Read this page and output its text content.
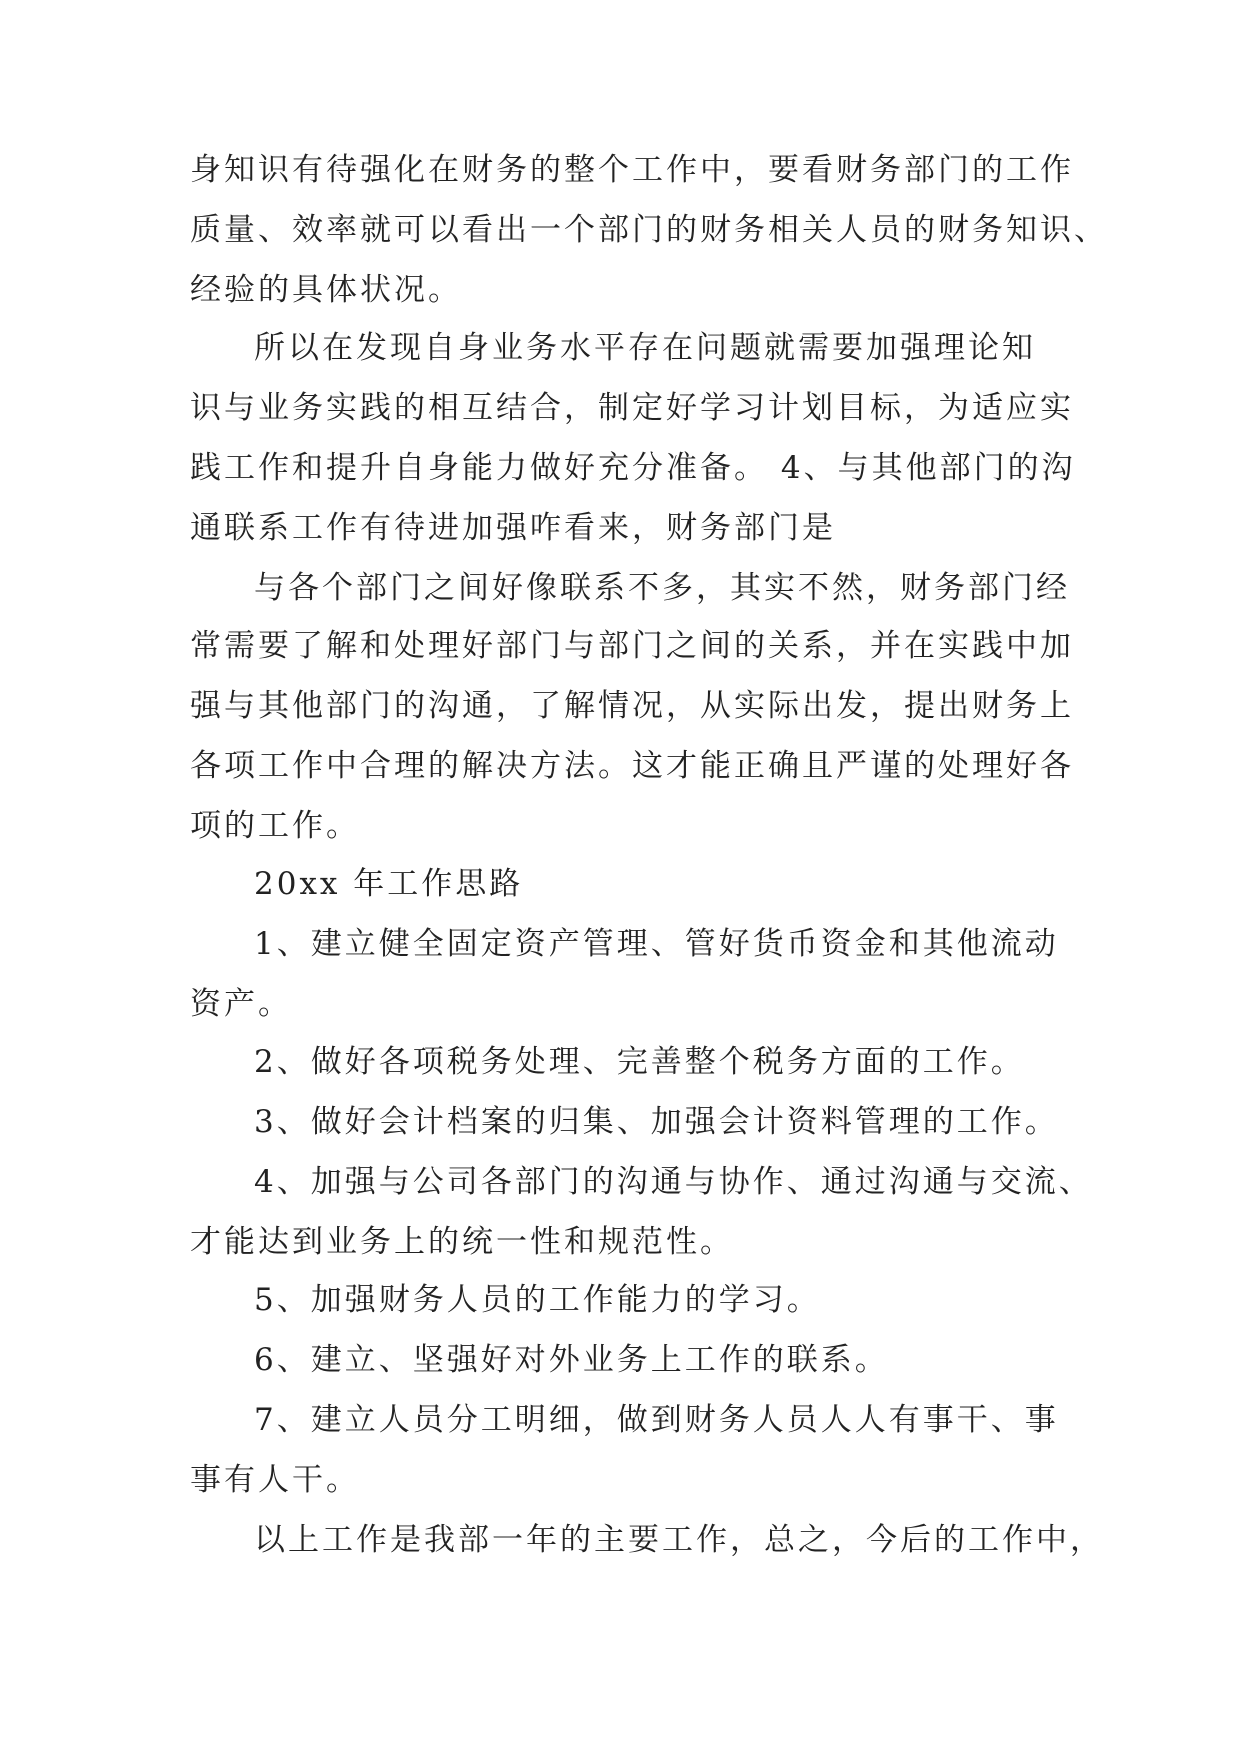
身知识有待强化在财务的整个工作中，要看财务部门的工作
质量、效率就可以看出一个部门的财务相关人员的财务知识、
经验的具体状况。
所以在发现自身业务水平存在问题就需要加强理论知
识与业务实践的相互结合，制定好学习计划目标，为适应实
践工作和提升自身能力做好充分准备。 4、与其他部门的沟
通联系工作有待进加强咋看来，财务部门是
与各个部门之间好像联系不多，其实不然，财务部门经
常需要了解和处理好部门与部门之间的关系，并在实践中加
强与其他部门的沟通，了解情况，从实际出发，提出财务上
各项工作中合理的解决方法。这才能正确且严谨的处理好各
项的工作。
20xx 年工作思路
1、建立健全固定资产管理、管好货币资金和其他流动
资产。
2、做好各项税务处理、完善整个税务方面的工作。
3、做好会计档案的归集、加强会计资料管理的工作。
4、加强与公司各部门的沟通与协作、通过沟通与交流、
才能达到业务上的统一性和规范性。
5、加强财务人员的工作能力的学习。
6、建立、坚强好对外业务上工作的联系。
7、建立人员分工明细，做到财务人员人人有事干、事
事有人干。
以上工作是我部一年的主要工作，总之，今后的工作中，
